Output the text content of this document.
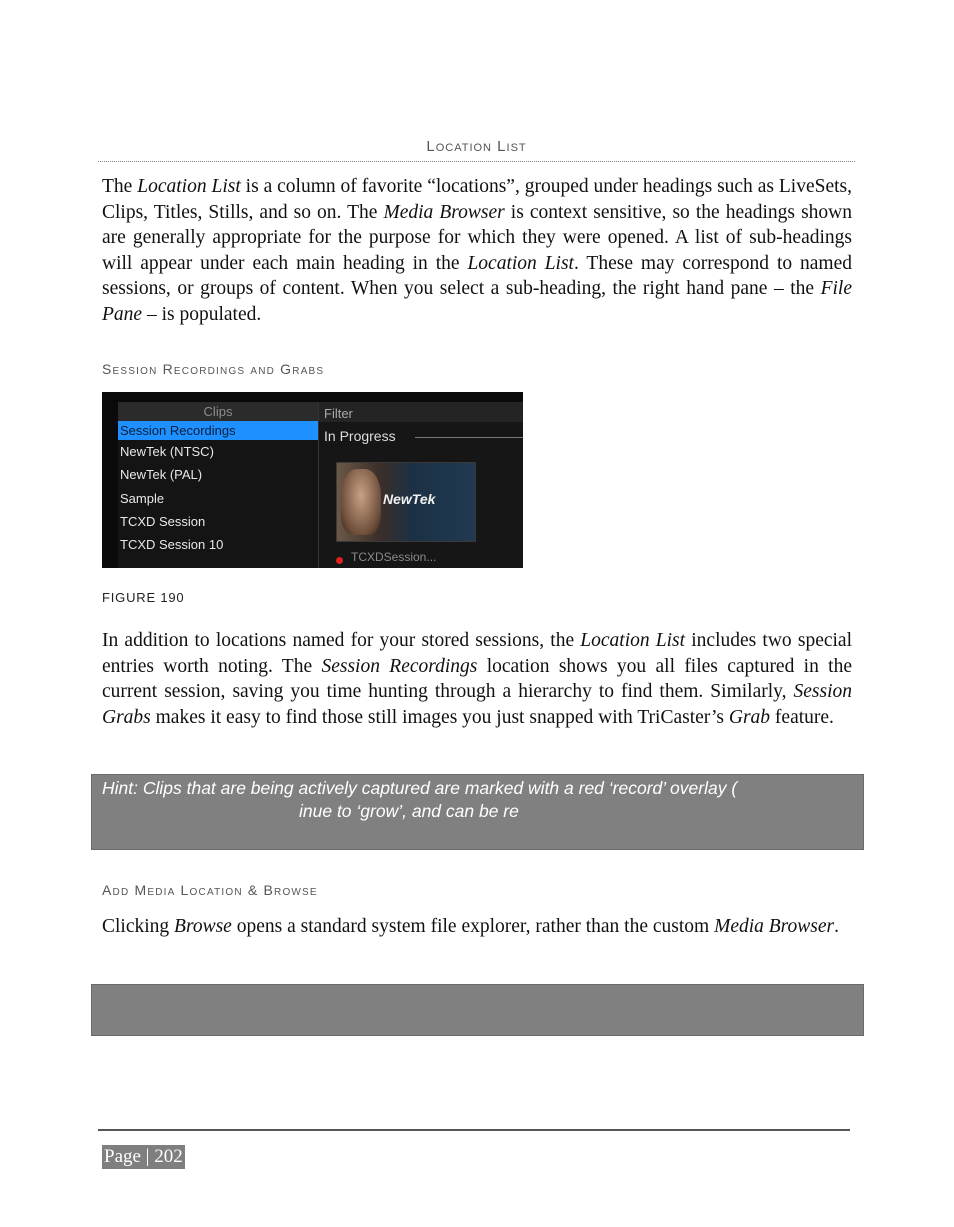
Location List
The Location List is a column of favorite “locations”, grouped under headings such as LiveSets, Clips, Titles, Stills, and so on. The Media Browser is context sensitive, so the headings shown are generally appropriate for the purpose for which they were opened. A list of sub-headings will appear under each main heading in the Location List. These may correspond to named sessions, or groups of content. When you select a sub-heading, the right hand pane – the File Pane – is populated.
Session Recordings and Grabs
Clips
Session Recordings
NewTek (NTSC)
NewTek (PAL)
Sample
TCXD Session
TCXD Session 10
Filter
In Progress
NewTek
TCXDSession...
FIGURE 190
In addition to locations named for your stored sessions, the Location List includes two special entries worth noting. The Session Recordings location shows you all files captured in the current session, saving you time hunting through a hierarchy to find them. Similarly, Session Grabs makes it easy to find those still images you just snapped with TriCaster’s Grab feature.
Hint: Clips that are being actively captured are marked with a red ‘record’ overlay (
inue to ‘grow’, and can be re
Add Media Location & Browse
Clicking Browse opens a standard system file explorer, rather than the custom Media Browser.
Page | 202
